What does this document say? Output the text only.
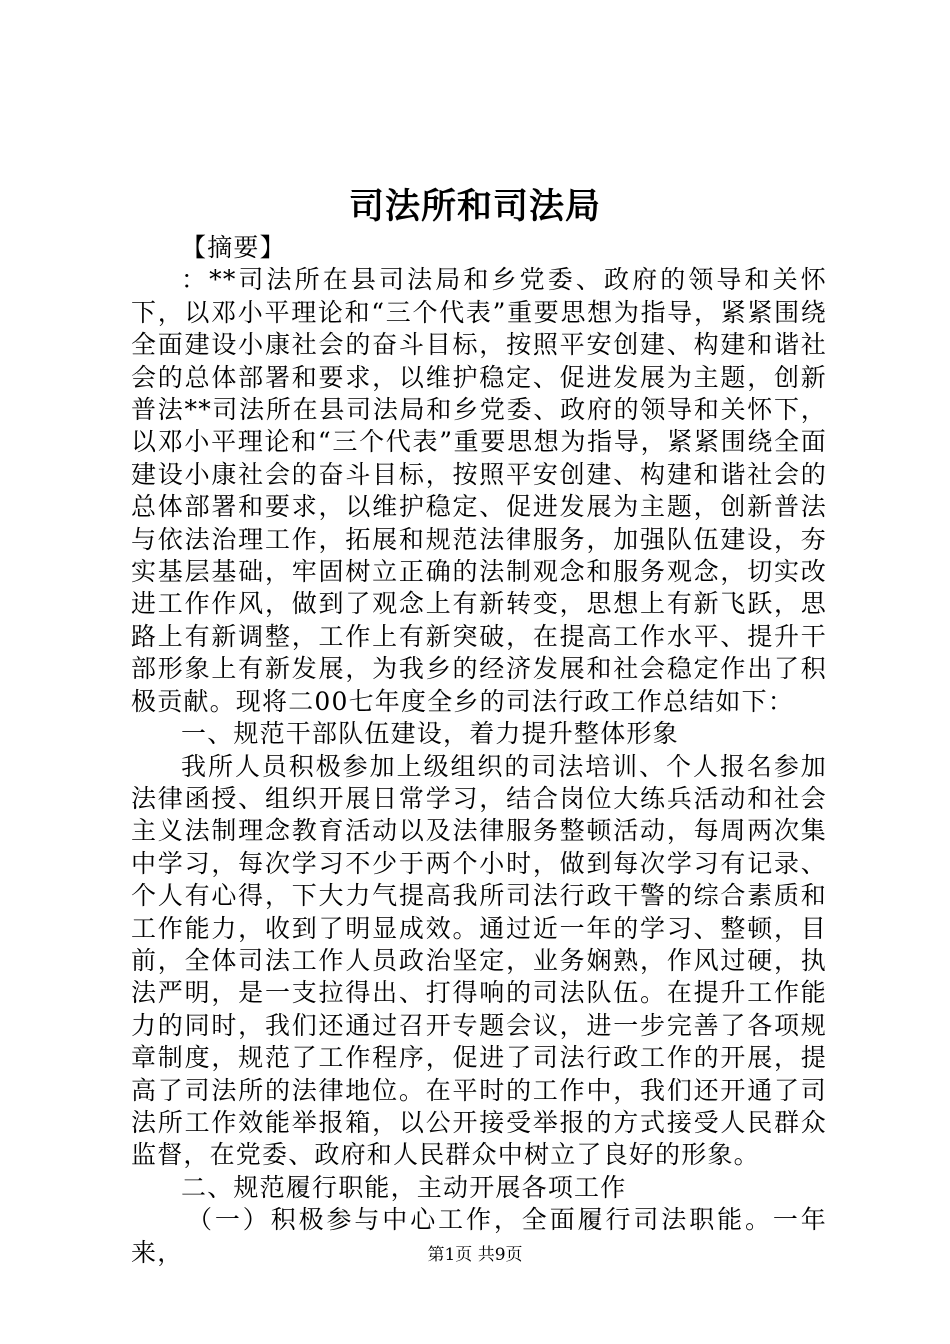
司法所和司法局

【摘要】

：**司法所在县司法局和乡党委、政府的领导和关怀下，以邓小平理论和“三个代表”重要思想为指导，紧紧围绕全面建设小康社会的奋斗目标，按照平安创建、构建和谐社会的总体部署和要求，以维护稳定、促进发展为主题，创新普法**司法所在县司法局和乡党委、政府的领导和关怀下，以邓小平理论和“三个代表”重要思想为指导，紧紧围绕全面建设小康社会的奋斗目标，按照平安创建、构建和谐社会的总体部署和要求，以维护稳定、促进发展为主题，创新普法与依法治理工作，拓展和规范法律服务，加强队伍建设，夯实基层基础，牢固树立正确的法制观念和服务观念，切实改进工作作风，做到了观念上有新转变，思想上有新飞跃，思路上有新调整，工作上有新突破，在提高工作水平、提升干部形象上有新发展，为我乡的经济发展和社会稳定作出了积极贡献。现将二00七年度全乡的司法行政工作总结如下：

一、规范干部队伍建设，着力提升整体形象

我所人员积极参加上级组织的司法培训、个人报名参加法律函授、组织开展日常学习，结合岗位大练兵活动和社会主义法制理念教育活动以及法律服务整顿活动，每周两次集中学习，每次学习不少于两个小时，做到每次学习有记录、个人有心得，下大力气提高我所司法行政干警的综合素质和工作能力，收到了明显成效。通过近一年的学习、整顿，目前，全体司法工作人员政治坚定，业务娴熟，作风过硬，执法严明，是一支拉得出、打得响的司法队伍。在提升工作能力的同时，我们还通过召开专题会议，进一步完善了各项规章制度，规范了工作程序，促进了司法行政工作的开展，提高了司法所的法律地位。在平时的工作中，我们还开通了司法所工作效能举报箱，以公开接受举报的方式接受人民群众监督，在党委、政府和人民群众中树立了良好的形象。

二、规范履行职能，主动开展各项工作

（一）积极参与中心工作，全面履行司法职能。一年来，	第1页 共9页
